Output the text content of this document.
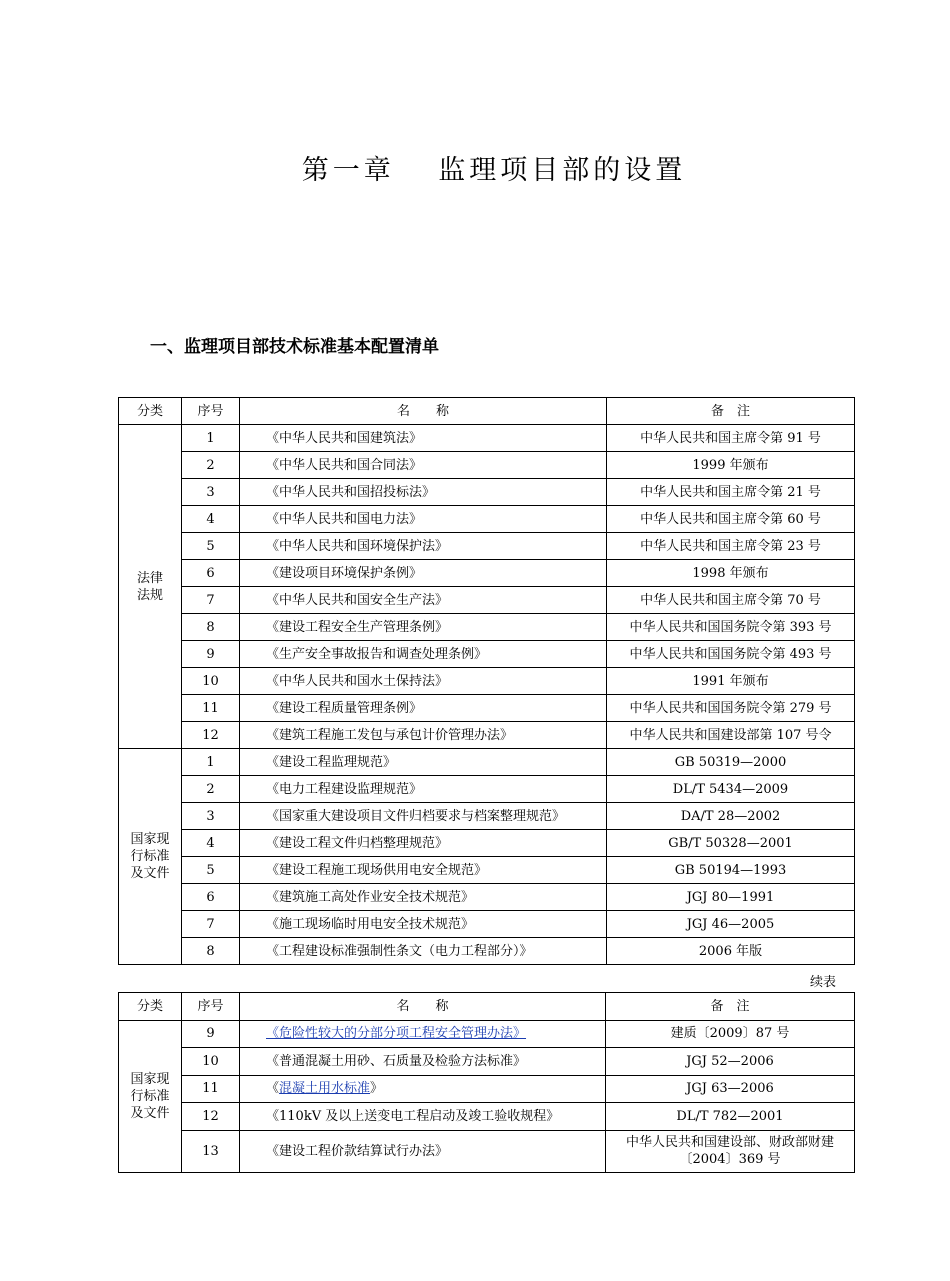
第一章　 监理项目部的设置
一、监理项目部技术标准基本配置清单
分类	序号	名　　称	备　注
法律
法规	1	《中华人民共和国建筑法》	中华人民共和国主席令第 91 号
	2	《中华人民共和国合同法》	1999 年颁布
	3	《中华人民共和国招投标法》	中华人民共和国主席令第 21 号
	4	《中华人民共和国电力法》	中华人民共和国主席令第 60 号
	5	《中华人民共和国环境保护法》	中华人民共和国主席令第 23 号
	6	《建设项目环境保护条例》	1998 年颁布
	7	《中华人民共和国安全生产法》	中华人民共和国主席令第 70 号
	8	《建设工程安全生产管理条例》	中华人民共和国国务院令第 393 号
	9	《生产安全事故报告和调查处理条例》	中华人民共和国国务院令第 493 号
	10	《中华人民共和国水土保持法》	1991 年颁布
	11	《建设工程质量管理条例》	中华人民共和国国务院令第 279 号
	12	《建筑工程施工发包与承包计价管理办法》	中华人民共和国建设部第 107 号令
国家现
行标准
及文件	1	《建设工程监理规范》	GB 50319—2000
	2	《电力工程建设监理规范》	DL/T 5434—2009
	3	《国家重大建设项目文件归档要求与档案整理规范》	DA/T 28—2002
	4	《建设工程文件归档整理规范》	GB/T 50328—2001
	5	《建设工程施工现场供用电安全规范》	GB 50194—1993
	6	《建筑施工高处作业安全技术规范》	JGJ 80—1991
	7	《施工现场临时用电安全技术规范》	JGJ 46—2005
	8	《工程建设标准强制性条文（电力工程部分）》	2006 年版
续表
分类	序号	名　　称	备　注
国家现
行标准
及文件	9	《危险性较大的分部分项工程安全管理办法》	建质〔2009〕87 号
	10	《普通混凝土用砂、石质量及检验方法标准》	JGJ 52—2006
	11	《混凝土用水标准》	JGJ 63—2006
	12	《110kV 及以上送变电工程启动及竣工验收规程》	DL/T 782—2001
	13	《建设工程价款结算试行办法》	中华人民共和国建设部、财政部财建〔2004〕369 号
